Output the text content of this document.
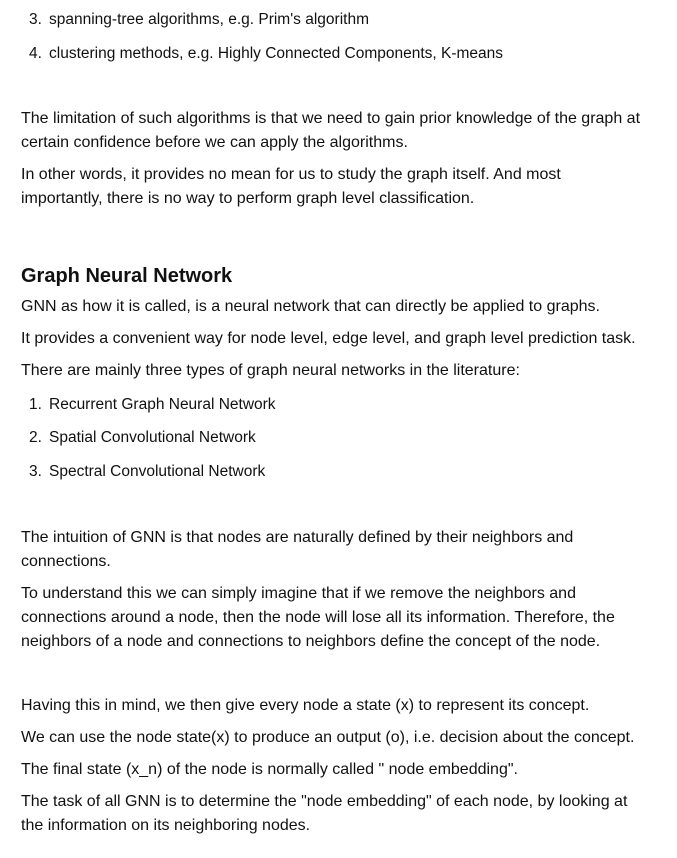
3. spanning-tree algorithms, e.g. Prim's algorithm
4. clustering methods, e.g. Highly Connected Components, K-means

The limitation of such algorithms is that we need to gain prior knowledge of the graph at certain confidence before we can apply the algorithms.

In other words, it provides no mean for us to study the graph itself. And most importantly, there is no way to perform graph level classification.

Graph Neural Network

GNN as how it is called, is a neural network that can directly be applied to graphs.

It provides a convenient way for node level, edge level, and graph level prediction task.

There are mainly three types of graph neural networks in the literature:

1. Recurrent Graph Neural Network
2. Spatial Convolutional Network
3. Spectral Convolutional Network

The intuition of GNN is that nodes are naturally defined by their neighbors and connections.

To understand this we can simply imagine that if we remove the neighbors and connections around a node, then the node will lose all its information. Therefore, the neighbors of a node and connections to neighbors define the concept of the node.

Having this in mind, we then give every node a state (x) to represent its concept.

We can use the node state(x) to produce an output (o), i.e. decision about the concept.

The final state (x_n) of the node is normally called " node embedding".

The task of all GNN is to determine the "node embedding" of each node, by looking at the information on its neighboring nodes.
